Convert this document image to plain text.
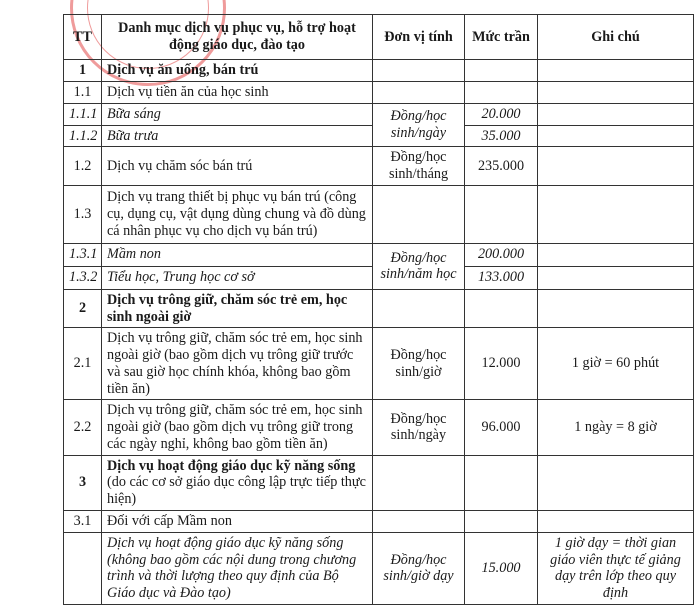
TT	Danh mục dịch vụ phục vụ, hỗ trợ hoạt động giáo dục, đào tạo	Đơn vị tính	Mức trần	Ghi chú
1	Dịch vụ ăn uống, bán trú			
1.1	Dịch vụ tiền ăn của học sinh			
1.1.1	Bữa sáng	Đồng/học sinh/ngày	20.000	
1.1.2	Bữa trưa		35.000	
1.2	Dịch vụ chăm sóc bán trú	Đồng/học sinh/tháng	235.000	
1.3	Dịch vụ trang thiết bị phục vụ bán trú (công cụ, dụng cụ, vật dụng dùng chung và đồ dùng cá nhân phục vụ cho dịch vụ bán trú)			
1.3.1	Mầm non	Đồng/học sinh/năm học	200.000	
1.3.2	Tiểu học, Trung học cơ sở		133.000	
2	Dịch vụ trông giữ, chăm sóc trẻ em, học sinh ngoài giờ			
2.1	Dịch vụ trông giữ, chăm sóc trẻ em, học sinh ngoài giờ (bao gồm dịch vụ trông giữ trước và sau giờ học chính khóa, không bao gồm tiền ăn)	Đồng/học sinh/giờ	12.000	1 giờ = 60 phút
2.2	Dịch vụ trông giữ, chăm sóc trẻ em, học sinh ngoài giờ (bao gồm dịch vụ trông giữ trong các ngày nghỉ, không bao gồm tiền ăn)	Đồng/học sinh/ngày	96.000	1 ngày = 8 giờ
3	Dịch vụ hoạt động giáo dục kỹ năng sống (do các cơ sở giáo dục công lập trực tiếp thực hiện)			
3.1	Đối với cấp Mầm non			
	Dịch vụ hoạt động giáo dục kỹ năng sống (không bao gồm các nội dung trong chương trình và thời lượng theo quy định của Bộ Giáo dục và Đào tạo)	Đồng/học sinh/giờ dạy	15.000	1 giờ dạy = thời gian giáo viên thực tế giảng dạy trên lớp theo quy định
